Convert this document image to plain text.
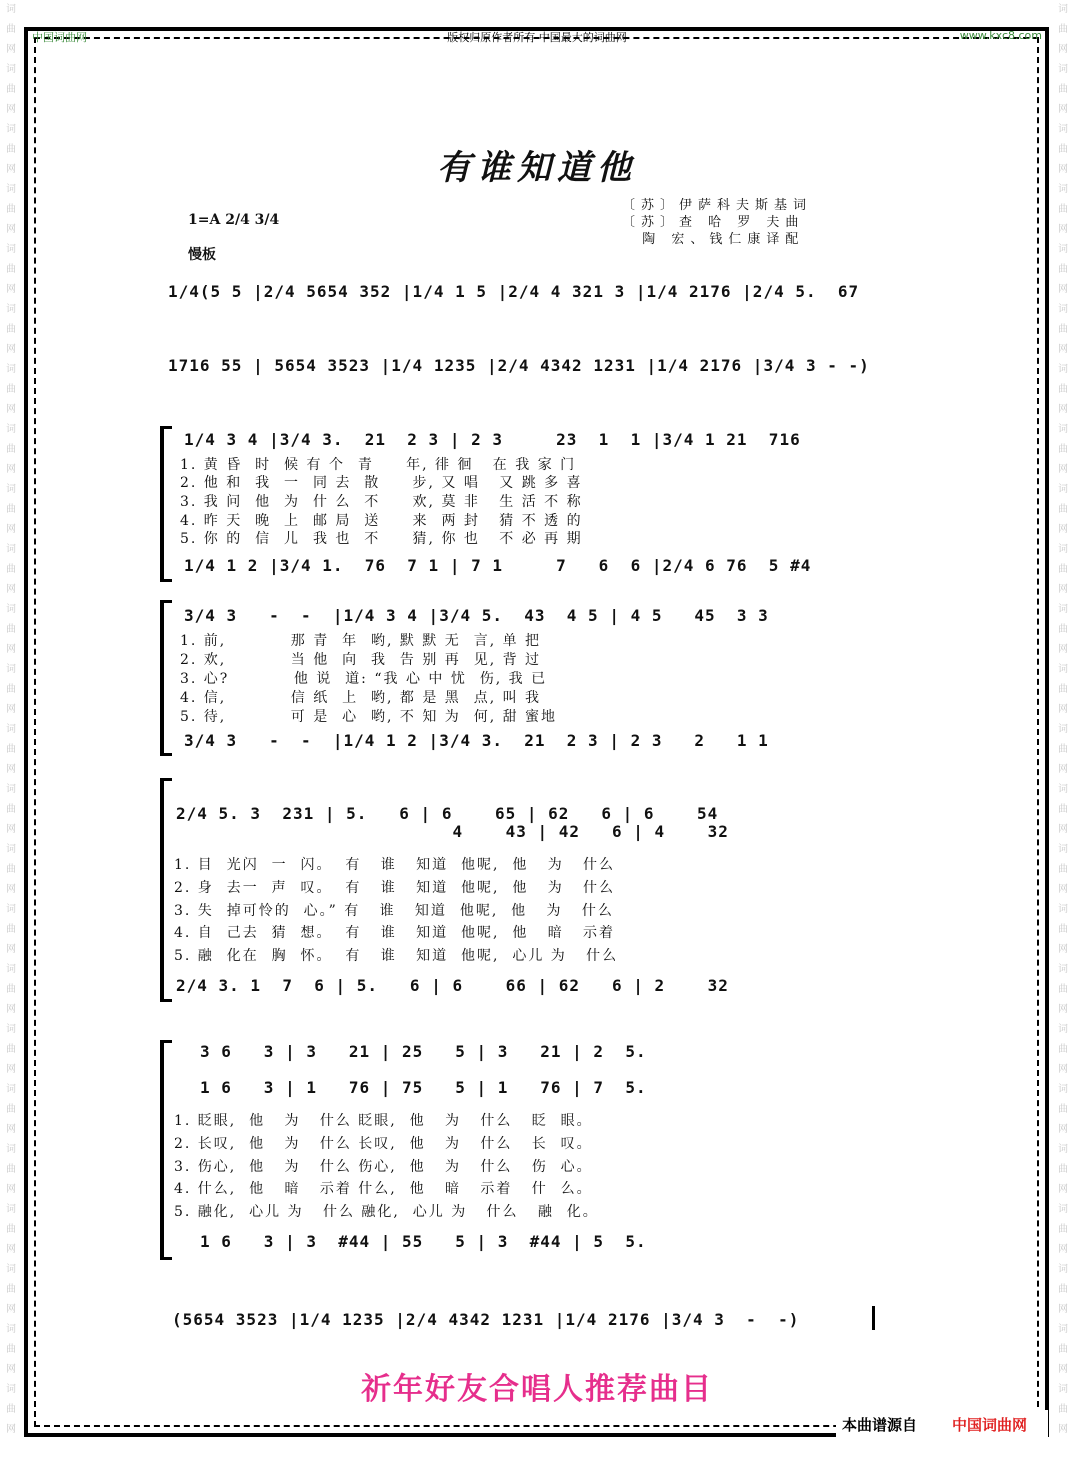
词
曲
网
词
曲
网
词
曲
网
词
曲
网
词
曲
网
词
曲
网
词
曲
网
词
曲
网
词
曲
网
词
曲
网
词
曲
网
词
曲
网
词
曲
网
词
曲
网
词
曲
网
词
曲
网
词
曲
网
词
曲
网
词
曲
网
词
曲
网
词
曲
网
词
曲
网
词
曲
网
词
曲
网
词
曲
网
词
曲
网
词
曲
网
词
曲
网
词
曲
网
词
曲
网
词
曲
网
词
曲
网
词
曲
网
词
曲
网
词
曲
网
词
曲
网
词
曲
网
词
曲
网
词
曲
网
词
曲
网
词
曲
网
词
曲
网
词
曲
网
词
曲
网
词
曲
网
词
曲
网
词
曲
网
词
曲
网
中国词曲网	版权归原作者所有 中国最大的词曲网	www.kxc8.com
有谁知道他
〔苏〕伊萨科夫斯基词
〔苏〕查 哈 罗 夫曲
陶 宏、钱仁康译配
1=A 2/4 3/4
慢板
1/4(5 5 |2/4 5654 352 |1/4 1 5 |2/4 4 321 3 |1/4 2176 |2/4 5.  67
1716 55 | 5654 3523 |1/4 1235 |2/4 4342 1231 |1/4 2176 |3/4 3 - -)
1/4 3 4 |3/4 3.  21  2 3 | 2 3     23  1  1 |3/4 1 21  716
1. 黄 昏  时  候 有 个  青     年, 徘 徊   在 我 家 门
2. 他 和  我  一  同 去  散     步, 又 唱   又 跳 多 喜
3. 我 问  他  为  什 么  不     欢, 莫 非   生 活 不 称
4. 昨 天  晚  上  邮 局  送     来  两 封   猜 不 透 的
5. 你 的  信  儿  我 也  不     猜, 你 也   不 必 再 期
1/4 1 2 |3/4 1.  76  7 1 | 7 1     7   6  6 |2/4 6 76  5 #4
3/4 3   -  -  |1/4 3 4 |3/4 5.  43  4 5 | 4 5   45  3 3
1. 前,          那 青  年  哟, 默 默 无  言, 单 把
2. 欢,          当 他  向  我  告 别 再  见, 背 过
3. 心?          他 说  道: “我 心 中 忧  伤, 我 已
4. 信,          信 纸  上  哟, 都 是 黑  点, 叫 我
5. 待,          可 是  心  哟, 不 知 为  何, 甜 蜜地
3/4 3   -  -  |1/4 1 2 |3/4 3.  21  2 3 | 2 3   2   1 1
2/4 5. 3  231 | 5.   6 | 6    65 | 62   6 | 6    54
4    43 | 42   6 | 4    32
1. 目  光闪  一  闪。  有   谁   知道  他呢,  他   为   什么
2. 身  去一  声  叹。  有   谁   知道  他呢,  他   为   什么
3. 失  掉可怜的  心。” 有   谁   知道  他呢,  他   为   什么
4. 自  己去  猜  想。  有   谁   知道  他呢,  他   暗   示着
5. 融  化在  胸  怀。  有   谁   知道  他呢,  心儿 为   什么
2/4 3. 1  7  6 | 5.   6 | 6    66 | 62   6 | 2    32
3 6   3 | 3   21 | 25   5 | 3   21 | 2  5.
1 6   3 | 1   76 | 75   5 | 1   76 | 7  5.
1. 眨眼,  他   为   什么 眨眼,  他   为   什么   眨  眼。
2. 长叹,  他   为   什么 长叹,  他   为   什么   长  叹。
3. 伤心,  他   为   什么 伤心,  他   为   什么   伤  心。
4. 什么,  他   暗   示着 什么,  他   暗   示着   什  么。
5. 融化,  心儿 为   什么 融化,  心儿 为   什么   融  化。
1 6   3 | 3  #44 | 55   5 | 3  #44 | 5  5.
(5654 3523 |1/4 1235 |2/4 4342 1231 |1/4 2176 |3/4 3  -  -)
祈年好友合唱人推荐曲目
本曲谱源自 中国词曲网
